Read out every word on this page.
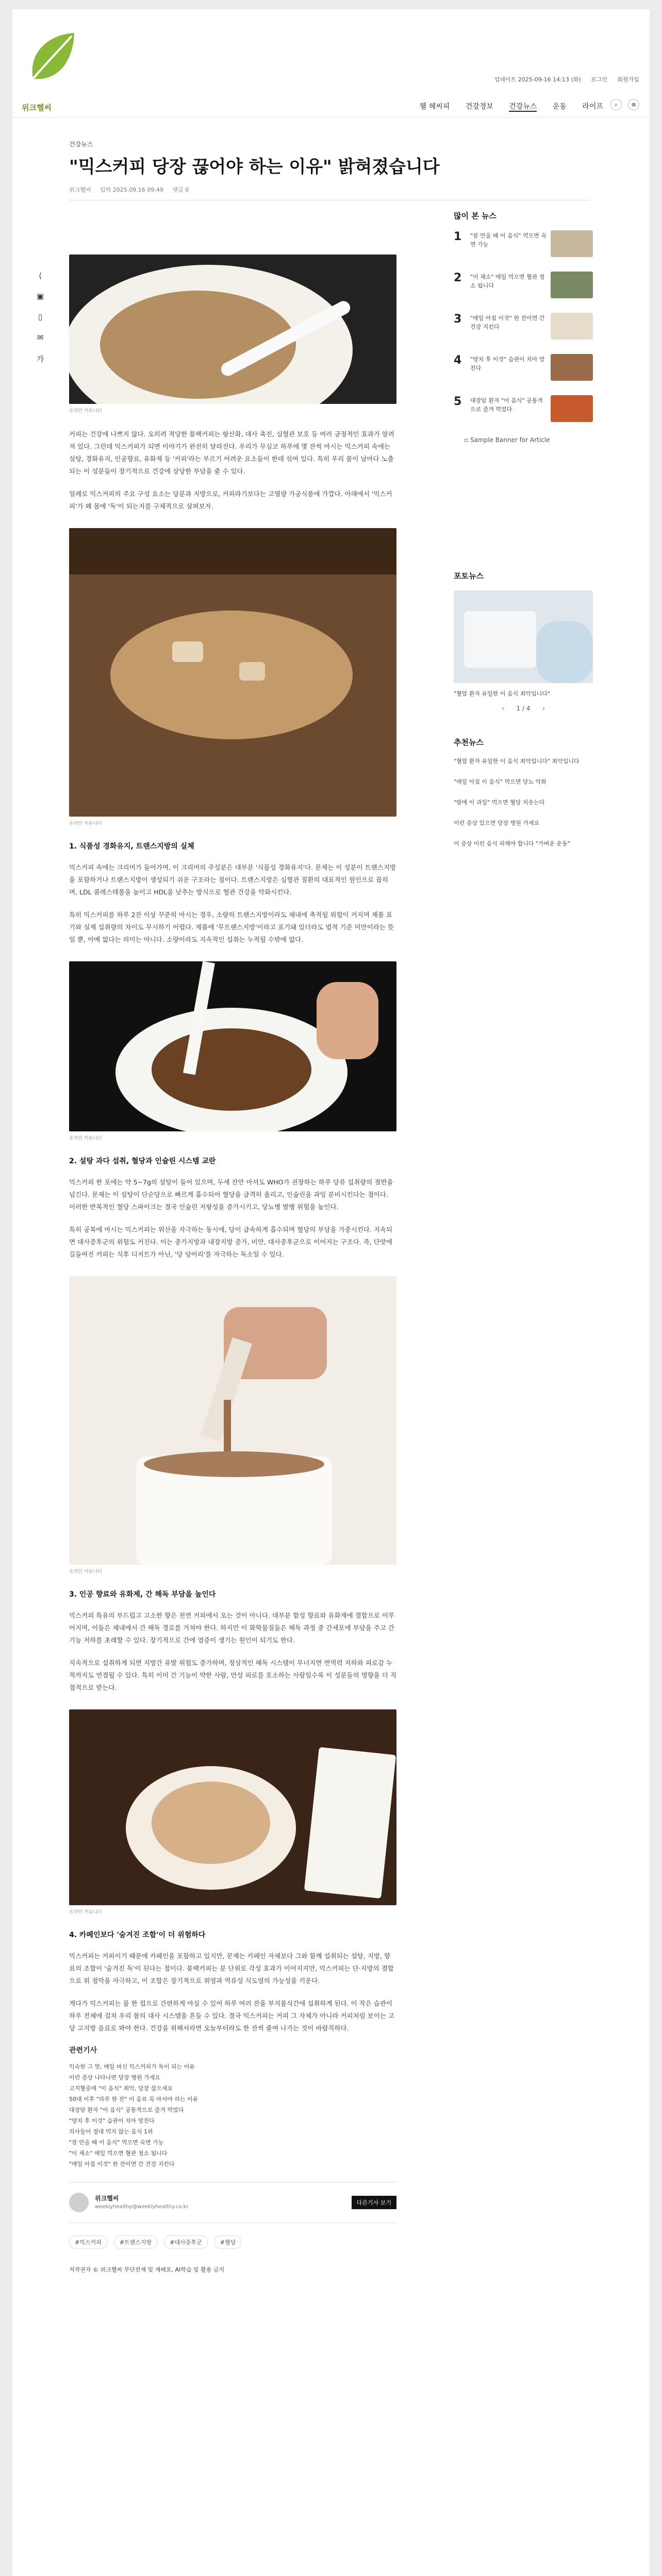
위크헬씨
업데이트 2025-09-16 14:13 (화) 로그인 회원가입
웰 헤씨피 건강정보 건강뉴스 운동 라이프	⌕	≡
건강뉴스
"믹스커피 당장 끊어야 하는 이유" 밝혀졌습니다
위크헬씨 입력 2025.09.16 09:49 댓글 0
⟨
▣
▯
✉
가
온라인 커뮤니티
커피는 건강에 나쁘지 않다. 오히려 적당한 블랙커피는 항산화, 대사 촉진, 심혈관 보호 등 여러 긍정적인 효과가 알려져 있다. 그런데 믹스커피가 되면 이야기가 완전히 달라진다. 우리가 무심코 하루에 몇 잔씩 마시는 믹스커피 속에는 설탕, 경화유지, 인공향료, 유화제 등 '커피'라는 부르기 어려운 요소들이 한데 섞여 있다. 특히 우리 몸이 날마다 노출되는 이 성분들이 장기적으로 건강에 상당한 부담을 줄 수 있다.
일례로 믹스커피의 주요 구성 요소는 당분과 지방으로, 커피라기보다는 고열량 가공식품에 가깝다. 아래에서 '믹스커피'가 왜 몸에 '독'이 되는지를 구체적으로 살펴보자.
온라인 커뮤니티
1. 식품성 경화유지, 트랜스지방의 실체
믹스커피 속에는 크리머가 들어가며, 이 크리머의 주성분은 대부분 '식물성 경화유지'다. 문제는 이 성분이 트랜스지방을 포함하거나 트랜스지방이 생성되기 쉬운 구조라는 점이다. 트랜스지방은 심혈관 질환의 대표적인 원인으로 꼽히며, LDL 콜레스테롤을 높이고 HDL을 낮추는 방식으로 혈관 건강을 악화시킨다.
특히 믹스커피를 하루 2잔 이상 꾸준히 마시는 경우, 소량의 트랜스지방이라도 체내에 축적될 위험이 커지며 제품 표기와 실제 섭취량의 차이도 무시하기 어렵다. 제품에 '무트랜스지방'이라고 표기돼 있더라도 법적 기준 미만이라는 뜻일 뿐, 아예 없다는 의미는 아니다. 소량이라도 지속적인 섭취는 누적될 수밖에 없다.
온라인 커뮤니티
2. 설탕 과다 섭취, 혈당과 인슐린 시스템 교란
믹스커피 한 포에는 약 5~7g의 설탕이 들어 있으며, 두세 잔만 마셔도 WHO가 권장하는 하루 당류 섭취량의 절반을 넘긴다. 문제는 이 설탕이 단순당으로 빠르게 흡수되어 혈당을 급격히 올리고, 인슐린을 과잉 분비시킨다는 점이다. 이러한 반복적인 혈당 스파이크는 결국 인슐린 저항성을 증가시키고, 당뇨병 발병 위험을 높인다.
특히 공복에 마시는 믹스커피는 위산을 자극하는 동시에, 당이 급속하게 흡수되며 혈당의 부담을 가중시킨다. 지속되면 대사증후군의 위험도 커진다. 이는 중가지방과 내장지방 증가, 비만, 대사증후군으로 이어지는 구조다. 즉, 단맛에 길들여진 커피는 식후 디저트가 아닌, '당 덩어리'를 자극하는 독소일 수 있다.
온라인 커뮤니티
3. 인공 향료와 유화제, 간 해독 부담을 높인다
믹스커피 특유의 부드럽고 고소한 향은 천연 커피에서 오는 것이 아니다. 대부분 합성 향료와 유화제에 결합으로 이루어지며, 이들은 체내에서 간 해독 경로를 거쳐야 한다. 하지만 이 화학물질들은 해독 과정 중 간세포에 부담을 주고 간 기능 저하를 초래할 수 있다. 장기적으로 간에 염증이 생기는 원인이 되기도 한다.
지속적으로 섭취하게 되면 지방간 유발 위험도 증가하며, 정상적인 해독 시스템이 무너지면 면역력 저하와 피로감 누적까지도 연결될 수 있다. 특히 이미 간 기능이 약한 사람, 만성 피로를 호소하는 사람일수록 이 성분들의 영향을 더 직접적으로 받는다.
온라인 커뮤니티
4. 카페인보다 '숨겨진 조합'이 더 위험하다
믹스커피는 커피이기 때문에 카페인을 포함하고 있지만, 문제는 카페인 자체보다 그와 함께 섭취되는 설탕, 지방, 향료의 조합이 '숨겨진 독'이 된다는 점이다. 블랙커피는 분 단위로 각성 효과가 이어지지만, 믹스커피는 단·지방의 결합으로 위 점막을 자극하고, 이 조합은 장기적으로 위염과 역류성 식도염의 가능성을 키운다.
게다가 믹스커피는 물 한 컵으로 간편하게 마실 수 있어 하루 여러 잔을 부지불식간에 섭취하게 된다. 이 작은 습관이 하루 전체에 걸쳐 우리 몸의 대사 시스템을 흔들 수 있다. 결국 믹스커피는 커피 그 자체가 아니라 커피처럼 보이는 고당 고지방 음료로 봐야 한다. 건강을 위해서라면 오늘부터라도 한 잔씩 줄여 나가는 것이 바람직하다.
관련기사
익숙한 그 맛, 매일 마신 믹스커피가 독이 되는 이유
이런 증상 나타나면 당장 병원 가세요
고지혈증에 "이 음식" 최악, 당장 끊으세요
50대 이후 "하루 한 잔" 이 음료 꼭 마셔야 하는 이유
대장암 환자 "이 음식" 공통적으로 즐겨 먹었다
"양치 후 이것" 습관이 치아 망친다
의사들이 절대 먹지 않는 음식 1위
"잠 안올 때 이 음식" 먹으면 숙면 가능
"이 채소" 매일 먹으면 혈관 청소 됩니다
"매일 아침 이것" 한 잔이면 간 건강 지킨다
위크헬씨
weeklyhealthy@weeklyhealthy.co.kr
다른기사 보기
#믹스커피	#트랜스지방	#대사증후군	#혈당
저작권자 © 위크헬씨 무단전재 및 재배포, AI학습 및 활용 금지
많이 본 뉴스
1 "잠 안올 때 이 음식" 먹으면 숙면 가능
2 "이 채소" 매일 먹으면 혈관 청소 됩니다
3 "매일 아침 이것" 한 잔이면 간 건강 지킨다
4 "양치 후 이것" 습관이 치아 망친다
5 대장암 환자 "이 음식" 공통적으로 즐겨 먹었다
▫ Sample Banner for Article
포토뉴스
"혈압 환자 유일한 이 음식 최악입니다"
‹ 1 / 4 ›
추천뉴스
"혈압 환자 유일한 이 음식 최악입니다" 최악입니다
"매일 아침 이 음식" 먹으면 당뇨 악화
"밤에 이 과일" 먹으면 혈당 치솟는다
이런 증상 있으면 당장 병원 가세요
이 증상 이런 음식 피해야 합니다 "가벼운 운동"
